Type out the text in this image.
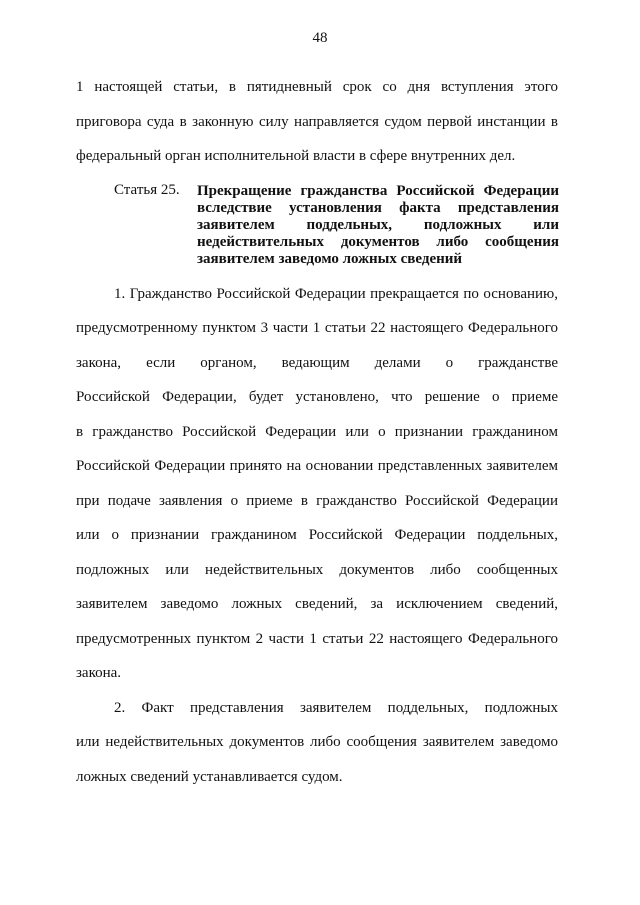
48
1 настоящей статьи, в пятидневный срок со дня вступления этого
приговора суда в законную силу направляется судом первой инстанции в
федеральный орган исполнительной власти в сфере внутренних дел.
Статья 25. Прекращение гражданства Российской Федерации
вследствие установления факта представления
заявителем поддельных, подложных или
недействительных документов либо сообщения
заявителем заведомо ложных сведений
1. Гражданство Российской Федерации прекращается по основанию,
предусмотренному пунктом 3 части 1 статьи 22 настоящего Федерального
закона, если органом, ведающим делами о гражданстве
Российской Федерации, будет установлено, что решение о приеме
в гражданство Российской Федерации или о признании гражданином
Российской Федерации принято на основании представленных заявителем
при подаче заявления о приеме в гражданство Российской Федерации
или о признании гражданином Российской Федерации поддельных,
подложных или недействительных документов либо сообщенных
заявителем заведомо ложных сведений, за исключением сведений,
предусмотренных пунктом 2 части 1 статьи 22 настоящего Федерального
закона.
2. Факт представления заявителем поддельных, подложных
или недействительных документов либо сообщения заявителем заведомо
ложных сведений устанавливается судом.
